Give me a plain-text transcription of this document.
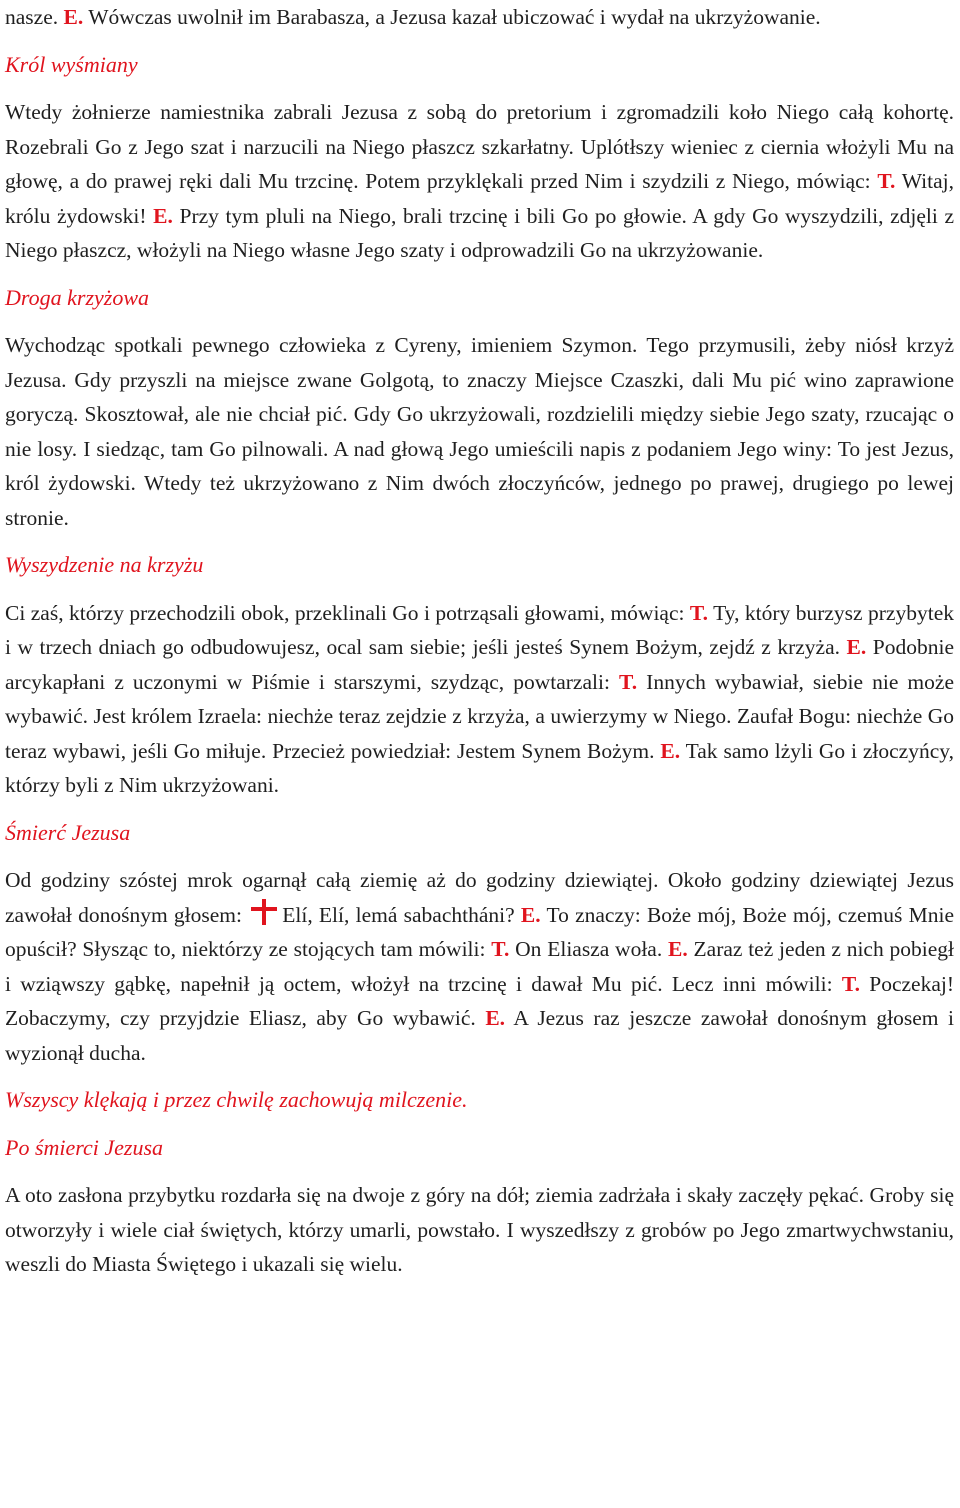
nasze. E. Wówczas uwolnił im Barabasza, a Jezusa kazał ubiczować i wydał na ukrzyżowanie.

Król wyśmiany

Wtedy żołnierze namiestnika zabrali Jezusa z sobą do pretorium i zgromadzili koło Niego całą kohortę. Rozebrali Go z Jego szat i narzucili na Niego płaszcz szkarłatny. Uplótłszy wieniec z ciernia włożyli Mu na głowę, a do prawej ręki dali Mu trzcinę. Potem przyklękali przed Nim i szydzili z Niego, mówiąc: T. Witaj, królu żydowski! E. Przy tym pluli na Niego, brali trzcinę i bili Go po głowie. A gdy Go wyszydzili, zdjęli z Niego płaszcz, włożyli na Niego własne Jego szaty i odprowadzili Go na ukrzyżowanie.

Droga krzyżowa

Wychodząc spotkali pewnego człowieka z Cyreny, imieniem Szymon. Tego przymusili, żeby niósł krzyż Jezusa. Gdy przyszli na miejsce zwane Golgotą, to znaczy Miejsce Czaszki, dali Mu pić wino zaprawione goryczą. Skosztował, ale nie chciał pić. Gdy Go ukrzyżowali, rozdzielili między siebie Jego szaty, rzucając o nie losy. I siedząc, tam Go pilnowali. A nad głową Jego umieścili napis z podaniem Jego winy: To jest Jezus, król żydowski. Wtedy też ukrzyżowano z Nim dwóch złoczyńców, jednego po prawej, drugiego po lewej stronie.

Wyszydzenie na krzyżu

Ci zaś, którzy przechodzili obok, przeklinali Go i potrząsali głowami, mówiąc: T. Ty, który burzysz przybytek i w trzech dniach go odbudowujesz, ocal sam siebie; jeśli jesteś Synem Bożym, zejdź z krzyża. E. Podobnie arcykapłani z uczonymi w Piśmie i starszymi, szydząc, powtarzali: T. Innych wybawiał, siebie nie może wybawić. Jest królem Izraela: niechże teraz zejdzie z krzyża, a uwierzymy w Niego. Zaufał Bogu: niechże Go teraz wybawi, jeśli Go miłuje. Przecież powiedział: Jestem Synem Bożym. E. Tak samo lżyli Go i złoczyńcy, którzy byli z Nim ukrzyżowani.

Śmierć Jezusa

Od godziny szóstej mrok ogarnął całą ziemię aż do godziny dziewiątej. Około godziny dziewiątej Jezus zawołał donośnym głosem: Elí, Elí, lemá sabachtháni? E. To znaczy: Boże mój, Boże mój, czemuś Mnie opuścił? Słysząc to, niektórzy ze stojących tam mówili: T. On Eliasza woła. E. Zaraz też jeden z nich pobiegł i wziąwszy gąbkę, napełnił ją octem, włożył na trzcinę i dawał Mu pić. Lecz inni mówili: T. Poczekaj! Zobaczymy, czy przyjdzie Eliasz, aby Go wybawić. E. A Jezus raz jeszcze zawołał donośnym głosem i wyzionął ducha.

Wszyscy klękają i przez chwilę zachowują milczenie.
Po śmierci Jezusa

A oto zasłona przybytku rozdarła się na dwoje z góry na dół; ziemia zadrżała i skały zaczęły pękać. Groby się otworzyły i wiele ciał świętych, którzy umarli, powstało. I wyszedłszy z grobów po Jego zmartwychwstaniu, weszli do Miasta Świętego i ukazali się wielu.
